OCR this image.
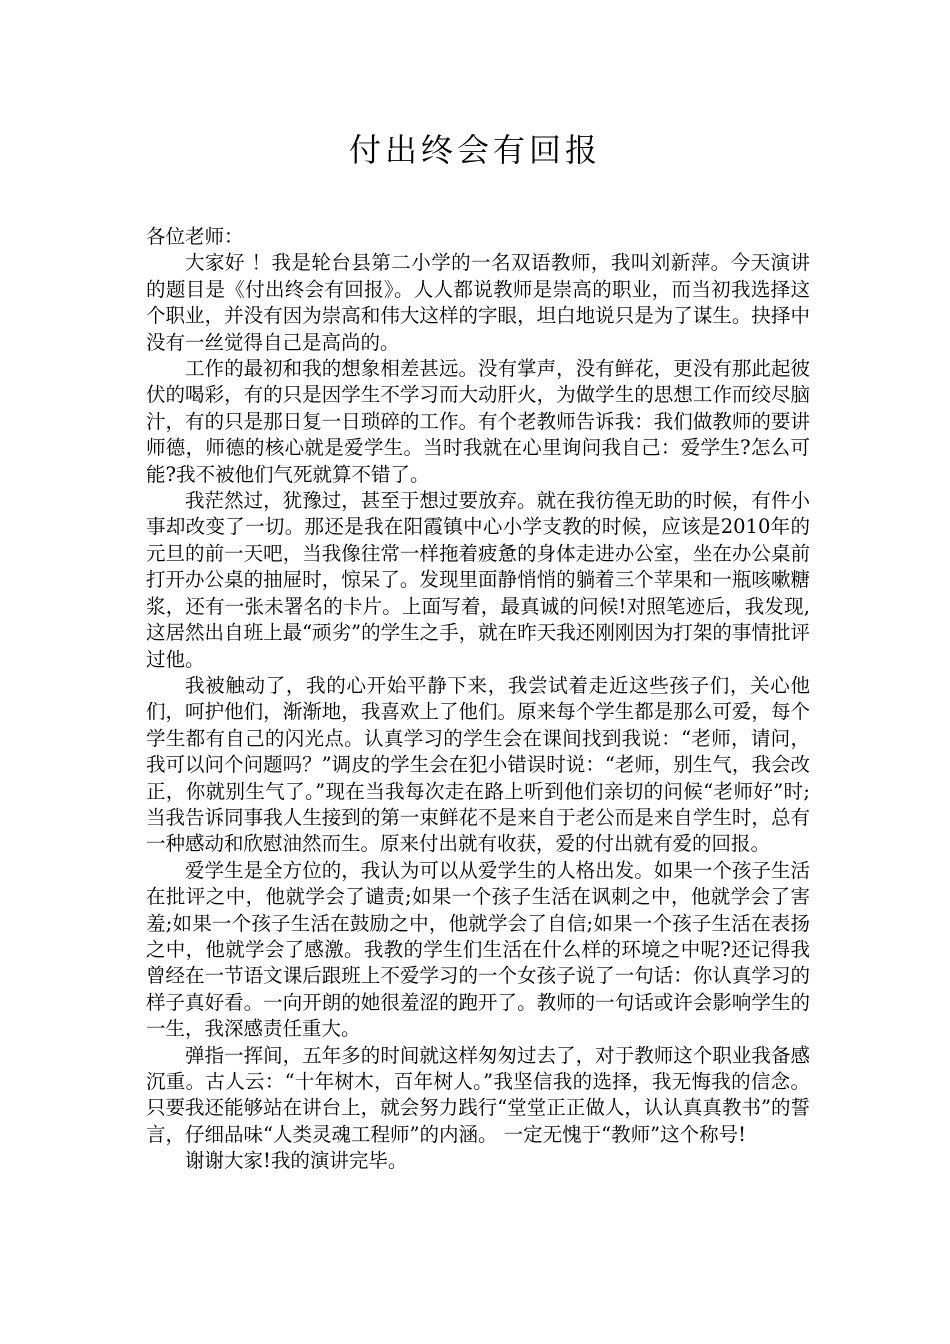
付出终会有回报

各位老师：

大家好 ！我是轮台县第二小学的一名双语教师，我叫刘新萍。今天演讲的题目是《付出终会有回报》。人人都说教师是崇高的职业，而当初我选择这个职业，并没有因为崇高和伟大这样的字眼，坦白地说只是为了谋生。抉择中没有一丝觉得自己是高尚的。

工作的最初和我的想象相差甚远。没有掌声，没有鲜花，更没有那此起彼伏的喝彩，有的只是因学生不学习而大动肝火，为做学生的思想工作而绞尽脑汁，有的只是那日复一日琐碎的工作。有个老教师告诉我：我们做教师的要讲师德，师德的核心就是爱学生。当时我就在心里询问我自己：爱学生?怎么可能?我不被他们气死就算不错了。

我茫然过，犹豫过，甚至于想过要放弃。就在我彷徨无助的时候，有件小事却改变了一切。那还是我在阳霞镇中心小学支教的时候，应该是2010年的元旦的前一天吧，当我像往常一样拖着疲惫的身体走进办公室，坐在办公桌前打开办公桌的抽屉时，惊呆了。发现里面静悄悄的躺着三个苹果和一瓶咳嗽糖浆，还有一张未署名的卡片。上面写着，最真诚的问候!对照笔迹后，我发现,这居然出自班上最“顽劣”的学生之手，就在昨天我还刚刚因为打架的事情批评过他。

我被触动了，我的心开始平静下来，我尝试着走近这些孩子们，关心他们，呵护他们，渐渐地，我喜欢上了他们。原来每个学生都是那么可爱，每个学生都有自己的闪光点。认真学习的学生会在课间找到我说：“老师，请问，我可以问个问题吗？”调皮的学生会在犯小错误时说：“老师，别生气，我会改正，你就别生气了。”现在当我每次走在路上听到他们亲切的问候“老师好”时;当我告诉同事我人生接到的第一束鲜花不是来自于老公而是来自学生时，总有一种感动和欣慰油然而生。原来付出就有收获，爱的付出就有爱的回报。

爱学生是全方位的，我认为可以从爱学生的人格出发。如果一个孩子生活在批评之中，他就学会了谴责;如果一个孩子生活在讽刺之中，他就学会了害羞;如果一个孩子生活在鼓励之中，他就学会了自信;如果一个孩子生活在表扬之中，他就学会了感激。我教的学生们生活在什么样的环境之中呢?还记得我曾经在一节语文课后跟班上不爱学习的一个女孩子说了一句话：你认真学习的样子真好看。一向开朗的她很羞涩的跑开了。教师的一句话或许会影响学生的一生，我深感责任重大。

弹指一挥间，五年多的时间就这样匆匆过去了，对于教师这个职业我备感沉重。古人云：“十年树木，百年树人。”我坚信我的选择，我无悔我的信念。只要我还能够站在讲台上，就会努力践行“堂堂正正做人，认认真真教书”的誓言，仔细品味“人类灵魂工程师”的内涵。 一定无愧于“教师”这个称号!

谢谢大家!我的演讲完毕。
